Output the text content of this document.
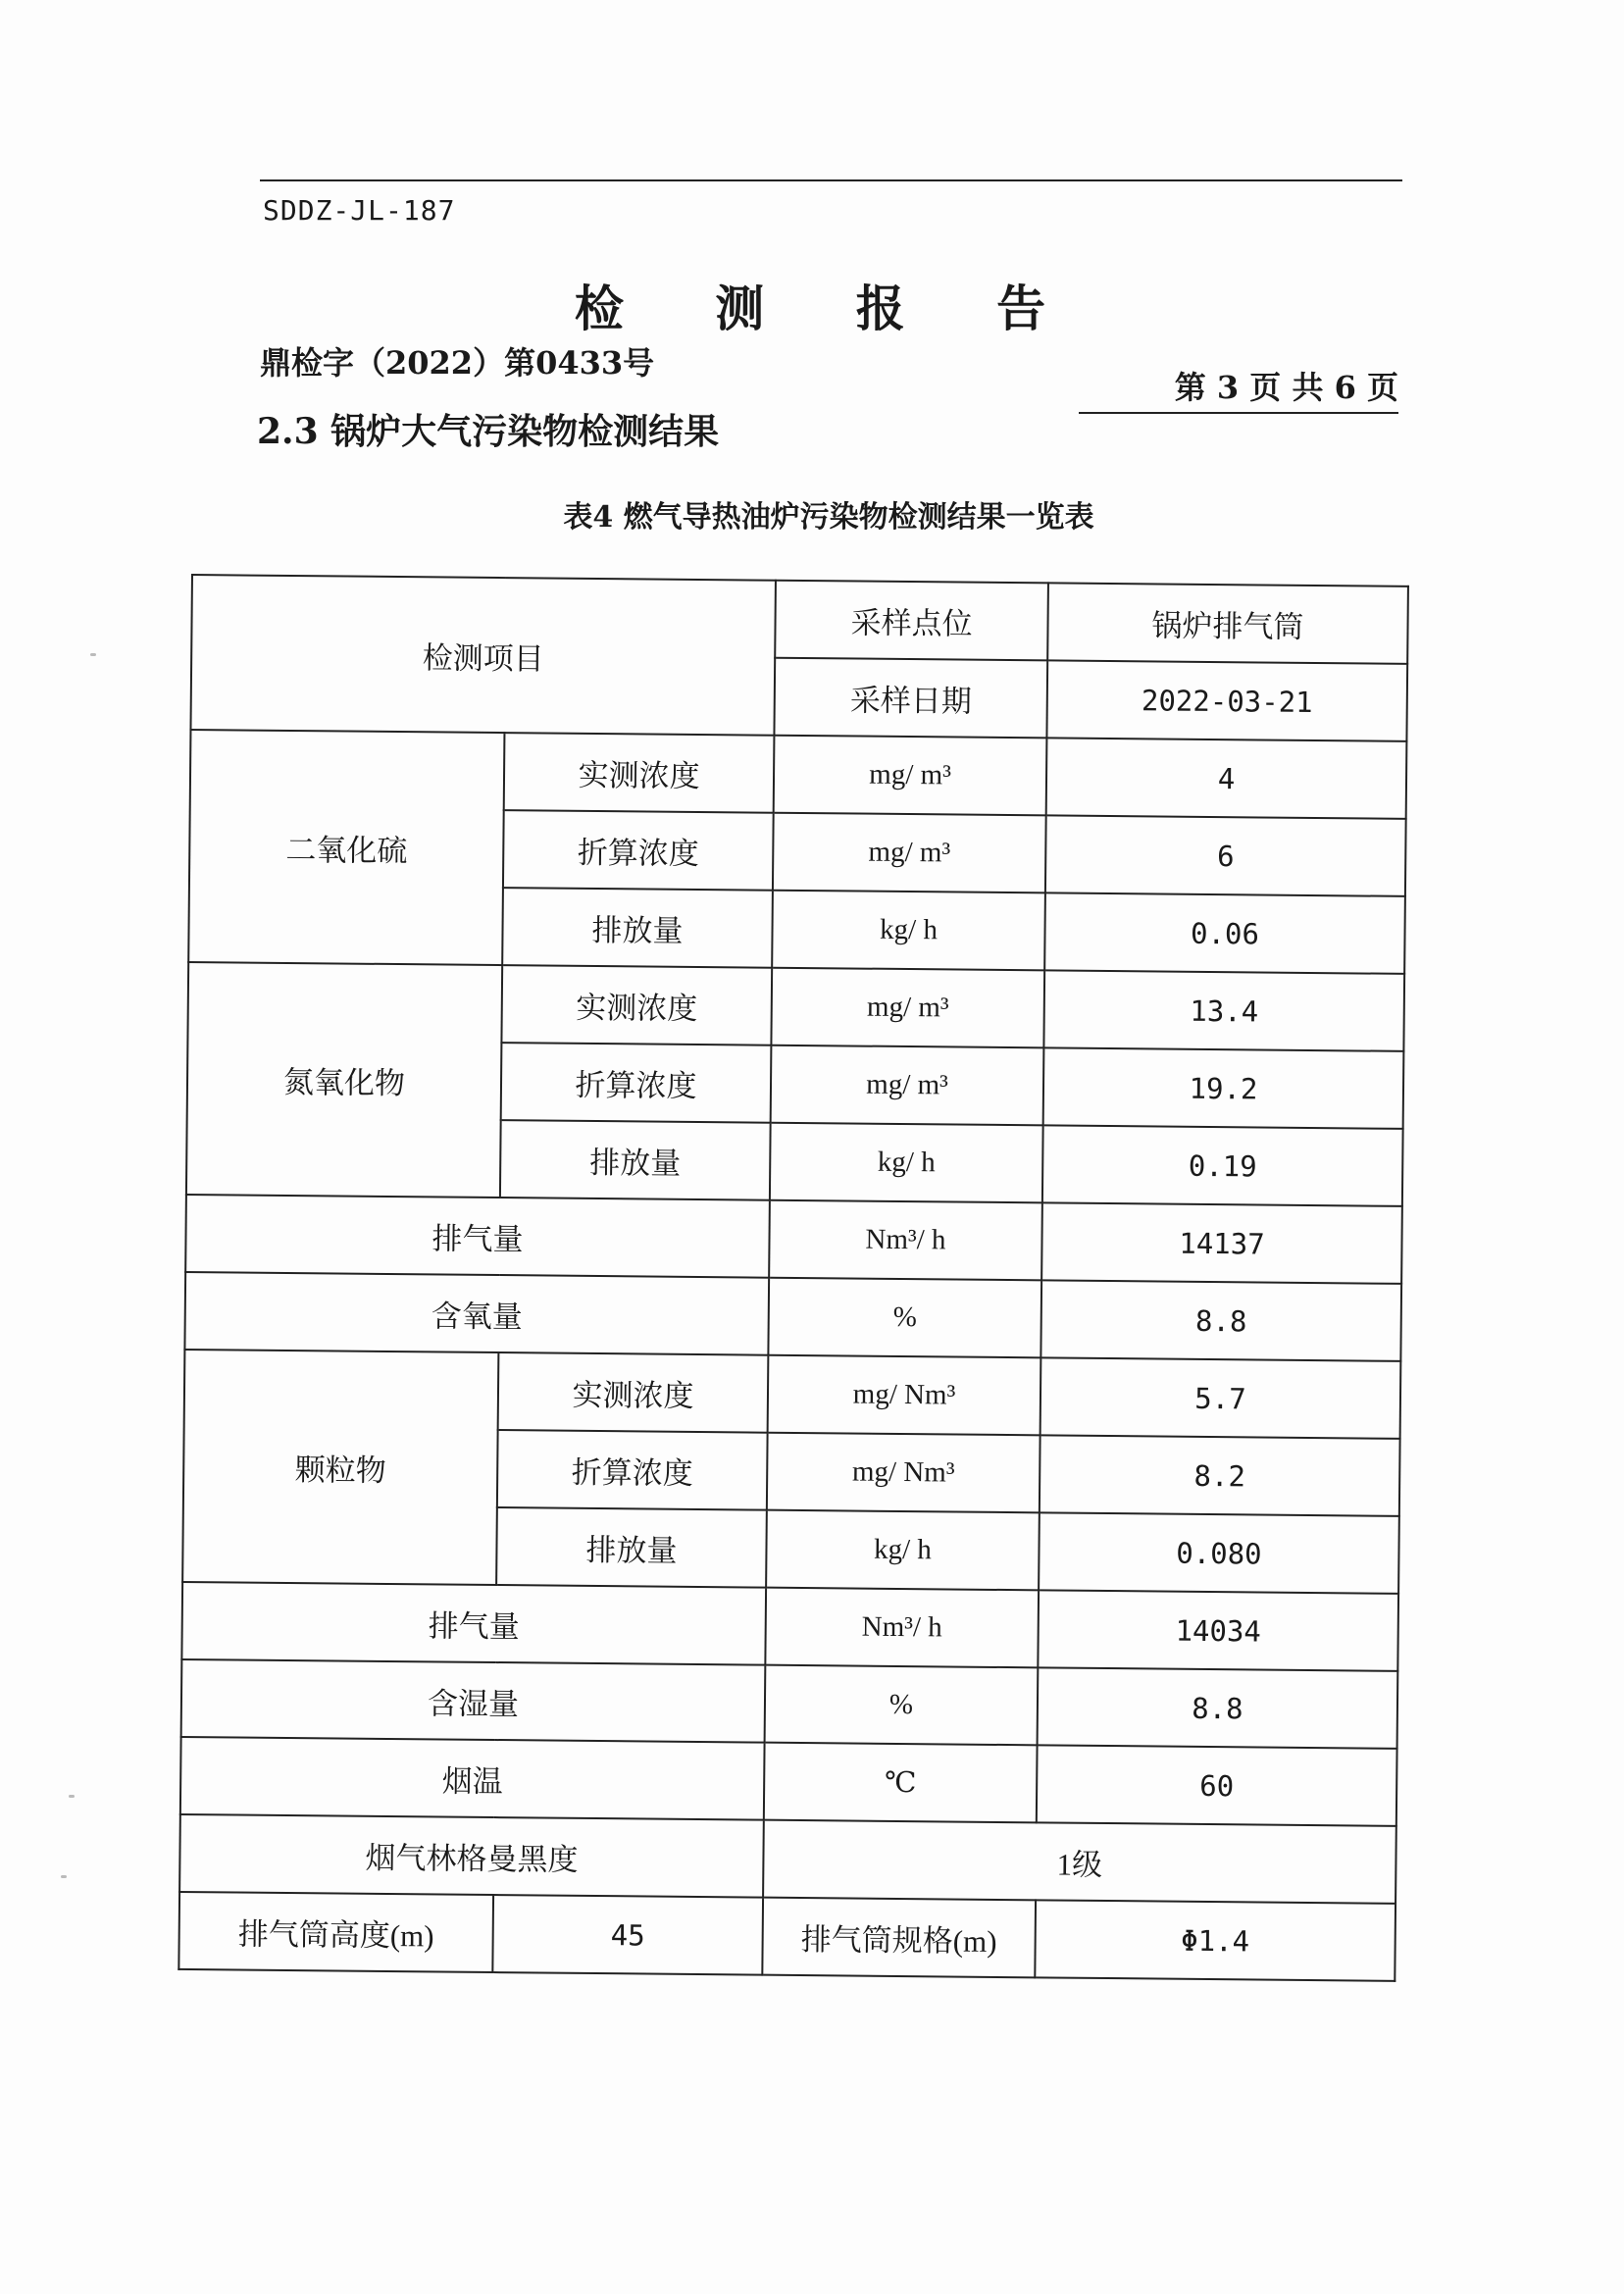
SDDZ-JL-187
检 测 报 告
鼎检字（2022）第0433号
第 3 页 共 6 页
2.3 锅炉大气污染物检测结果
表4 燃气导热油炉污染物检测结果一览表
检测项目		采样点位	锅炉排气筒
		采样日期	2022-03-21
二氧化硫	实测浓度	mg/ m³	4
	折算浓度	mg/ m³	6
	排放量	kg/ h	0.06
氮氧化物	实测浓度	mg/ m³	13.4
	折算浓度	mg/ m³	19.2
	排放量	kg/ h	0.19
排气量		Nm³/ h	14137
含氧量		%	8.8
颗粒物	实测浓度	mg/ Nm³	5.7
	折算浓度	mg/ Nm³	8.2
	排放量	kg/ h	0.080
排气量		Nm³/ h	14034
含湿量		%	8.8
烟温		℃	60
烟气林格曼黑度		1级	
排气筒高度(m)	45	排气筒规格(m)	Φ1.4
